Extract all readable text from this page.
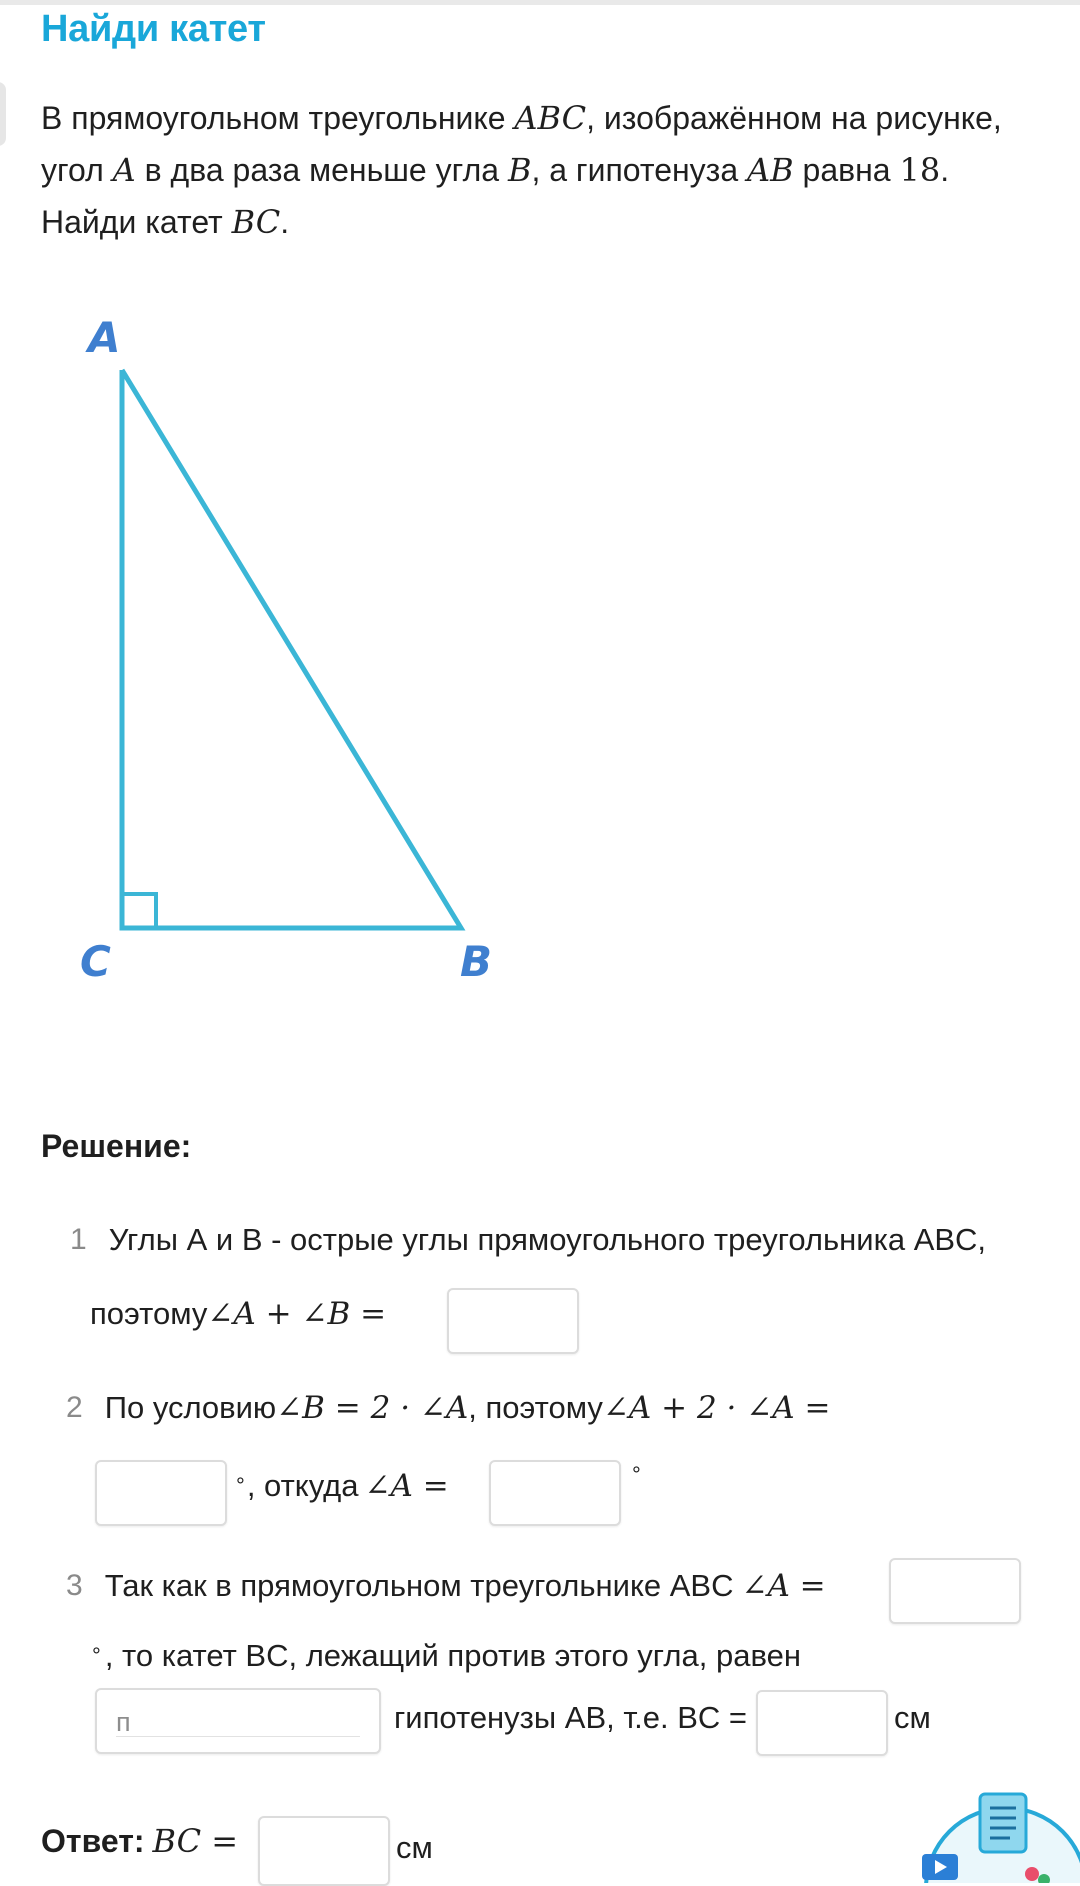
Найди катет

В прямоугольном треугольнике ABC, изображённом на рисунке, угол A в два раза меньше угла B, а гипотенуза AB равна 18. Найди катет BC.

A
C	B
Решение:
1 Углы А и В - острые углы прямоугольного треугольника ABC,
поэтому ∠A + ∠B =
2 По условию ∠B = 2 · ∠A , поэтому ∠A + 2 · ∠A =
° , откуда ∠A =	°
3 Так как в прямоугольном треугольнике ABC ∠A =
° , то катет BC, лежащий против этого угла, равен
п	гипотенузы AB, т.е. BC =	см
Ответ: BC =	см
